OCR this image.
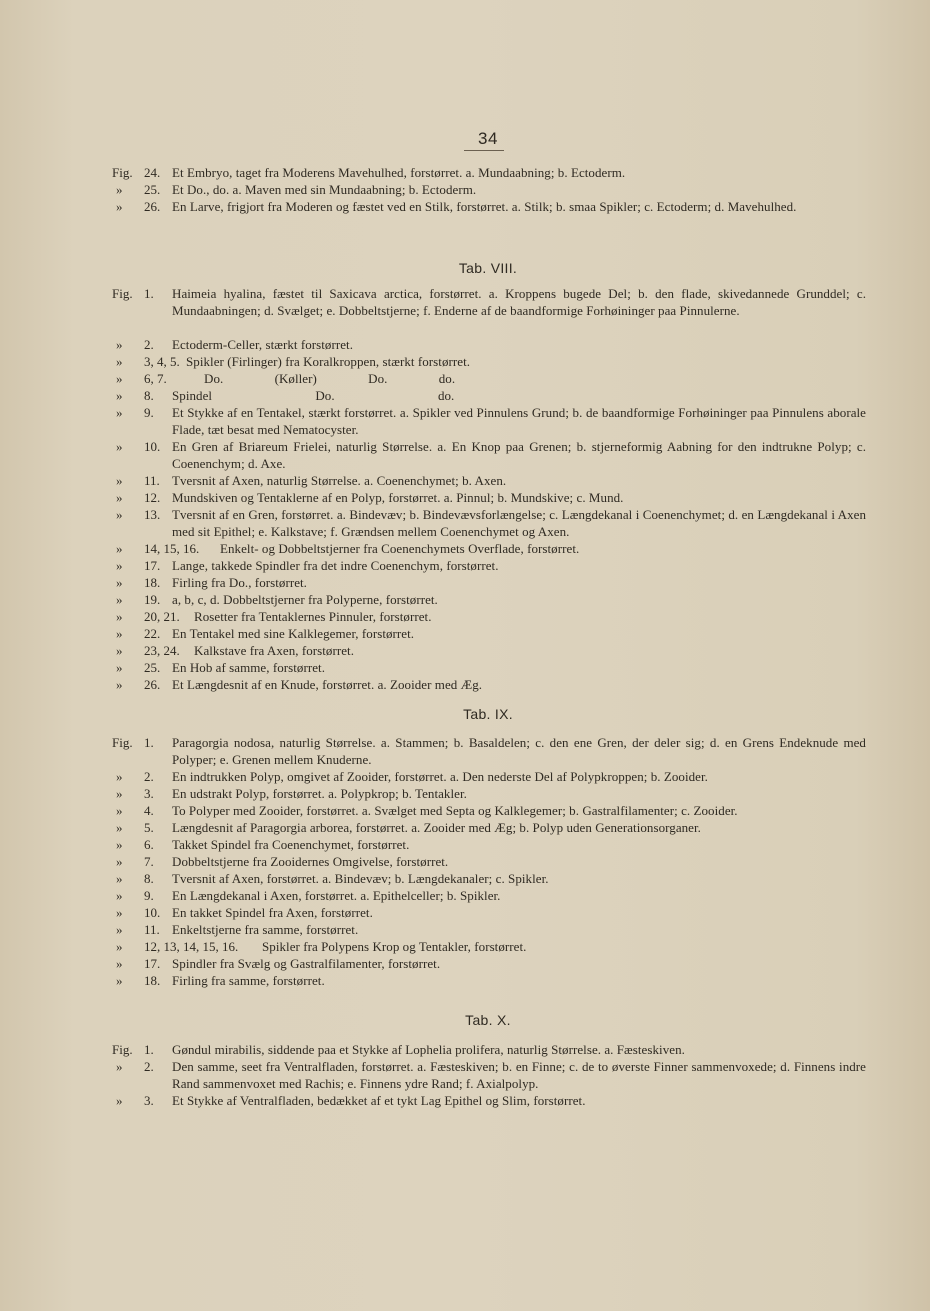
34
Fig. 24. Et Embryo, taget fra Moderens Mavehulhed, forstørret. a. Mundaabning; b. Ectoderm.
»	25. Et Do., do. a. Maven med sin Mundaabning; b. Ectoderm.
»	26. En Larve, frigjort fra Moderen og fæstet ved en Stilk, forstørret. a. Stilk; b. smaa Spikler; c. Ectoderm; d. Mavehulhed.
Tab. VIII.
Fig. 1. Haimeia hyalina, fæstet til Saxicava arctica, forstørret. a. Kroppens bugede Del; b. den flade, skivedannede Grunddel; c. Mundaabningen; d. Svælget; e. Dobbeltstjerne; f. Enderne af de baandformige Forhøininger paa Pinnulerne.
»	2. Ectoderm-Celler, stærkt forstørret.
»	3, 4, 5. Spikler (Firlinger) fra Koralkroppen, stærkt forstørret.
»	6, 7.	Do. (Køller) Do. do.
»	8. Spindel Do. do.
»	9. Et Stykke af en Tentakel, stærkt forstørret. a. Spikler ved Pinnulens Grund; b. de baandformige Forhøininger paa Pinnulens aborale Flade, tæt besat med Nematocyster.
»	10. En Gren af Briareum Frielei, naturlig Størrelse. a. En Knop paa Grenen; b. stjerneformig Aabning for den indtrukne Polyp; c. Coenenchym; d. Axe.
»	11. Tversnit af Axen, naturlig Størrelse. a. Coenenchymet; b. Axen.
»	12. Mundskiven og Tentaklerne af en Polyp, forstørret. a. Pinnul; b. Mundskive; c. Mund.
»	13. Tversnit af en Gren, forstørret. a. Bindevæv; b. Bindevævsforlængelse; c. Længdekanal i Coenenchymet; d. en Længdekanal i Axen med sit Epithel; e. Kalkstave; f. Grændsen mellem Coenenchymet og Axen.
»	14, 15, 16. Enkelt- og Dobbeltstjerner fra Coenenchymets Overflade, forstørret.
»	17. Lange, takkede Spindler fra det indre Coenenchym, forstørret.
»	18. Firling fra Do., forstørret.
»	19. a, b, c, d. Dobbeltstjerner fra Polyperne, forstørret.
»	20, 21. Rosetter fra Tentaklernes Pinnuler, forstørret.
»	22. En Tentakel med sine Kalklegemer, forstørret.
»	23, 24. Kalkstave fra Axen, forstørret.
»	25. En Hob af samme, forstørret.
»	26. Et Længdesnit af en Knude, forstørret. a. Zooider med Æg.
Tab. IX.
Fig. 1. Paragorgia nodosa, naturlig Størrelse. a. Stammen; b. Basaldelen; c. den ene Gren, der deler sig; d. en Grens Endeknude med Polyper; e. Grenen mellem Knuderne.
»	2. En indtrukken Polyp, omgivet af Zooider, forstørret. a. Den nederste Del af Polypkroppen; b. Zooider.
»	3. En udstrakt Polyp, forstørret. a. Polypkrop; b. Tentakler.
»	4. To Polyper med Zooider, forstørret. a. Svælget med Septa og Kalklegemer; b. Gastralfilamenter; c. Zooider.
»	5. Længdesnit af Paragorgia arborea, forstørret. a. Zooider med Æg; b. Polyp uden Generationsorganer.
»	6. Takket Spindel fra Coenenchymet, forstørret.
»	7. Dobbeltstjerne fra Zooidernes Omgivelse, forstørret.
»	8. Tversnit af Axen, forstørret. a. Bindevæv; b. Længdekanaler; c. Spikler.
»	9. En Længdekanal i Axen, forstørret. a. Epithelceller; b. Spikler.
»	10. En takket Spindel fra Axen, forstørret.
»	11. Enkeltstjerne fra samme, forstørret.
»	12, 13, 14, 15, 16. Spikler fra Polypens Krop og Tentakler, forstørret.
»	17. Spindler fra Svælg og Gastralfilamenter, forstørret.
»	18. Firling fra samme, forstørret.
Tab. X.
Fig. 1. Gøndul mirabilis, siddende paa et Stykke af Lophelia prolifera, naturlig Størrelse. a. Fæsteskiven.
»	2. Den samme, seet fra Ventralfladen, forstørret. a. Fæsteskiven; b. en Finne; c. de to øverste Finner sammenvoxede; d. Finnens indre Rand sammenvoxet med Rachis; e. Finnens ydre Rand; f. Axialpolyp.
»	3. Et Stykke af Ventralfladen, bedækket af et tykt Lag Epithel og Slim, forstørret.
